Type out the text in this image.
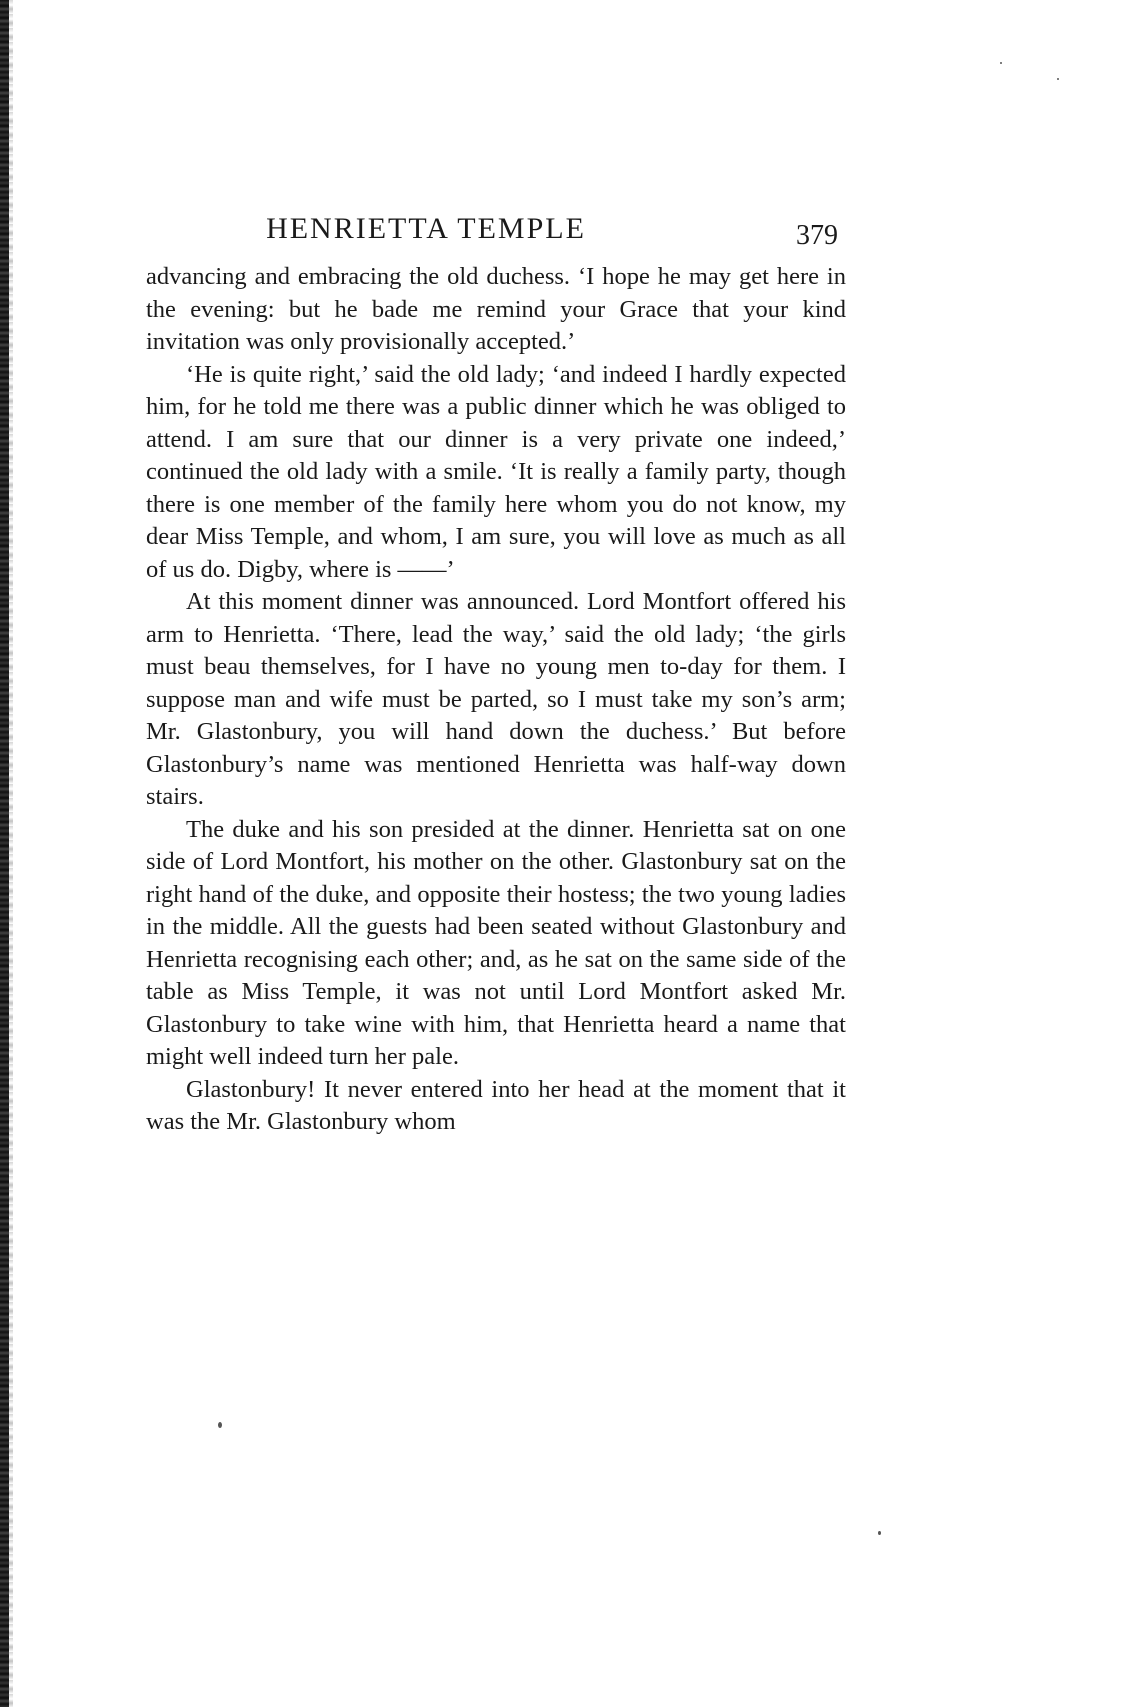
HENRIETTA TEMPLE	379

advancing and embracing the old duchess. ‘I hope he may get here in the evening: but he bade me remind your Grace that your kind invitation was only provisionally accepted.’

‘He is quite right,’ said the old lady; ‘and indeed I hardly expected him, for he told me there was a public dinner which he was obliged to attend. I am sure that our dinner is a very private one indeed,’ continued the old lady with a smile. ‘It is really a family party, though there is one member of the family here whom you do not know, my dear Miss Temple, and whom, I am sure, you will love as much as all of us do. Digby, where is ——’

At this moment dinner was announced. Lord Montfort offered his arm to Henrietta. ‘There, lead the way,’ said the old lady; ‘the girls must beau themselves, for I have no young men to-day for them. I suppose man and wife must be parted, so I must take my son’s arm; Mr. Glastonbury, you will hand down the duchess.’ But before Glastonbury’s name was mentioned Henrietta was half-way down stairs.

The duke and his son presided at the dinner. Henrietta sat on one side of Lord Montfort, his mother on the other. Glastonbury sat on the right hand of the duke, and opposite their hostess; the two young ladies in the middle. All the guests had been seated without Glastonbury and Henrietta recognising each other; and, as he sat on the same side of the table as Miss Temple, it was not until Lord Montfort asked Mr. Glastonbury to take wine with him, that Henrietta heard a name that might well indeed turn her pale.

Glastonbury! It never entered into her head at the moment that it was the Mr. Glastonbury whom
